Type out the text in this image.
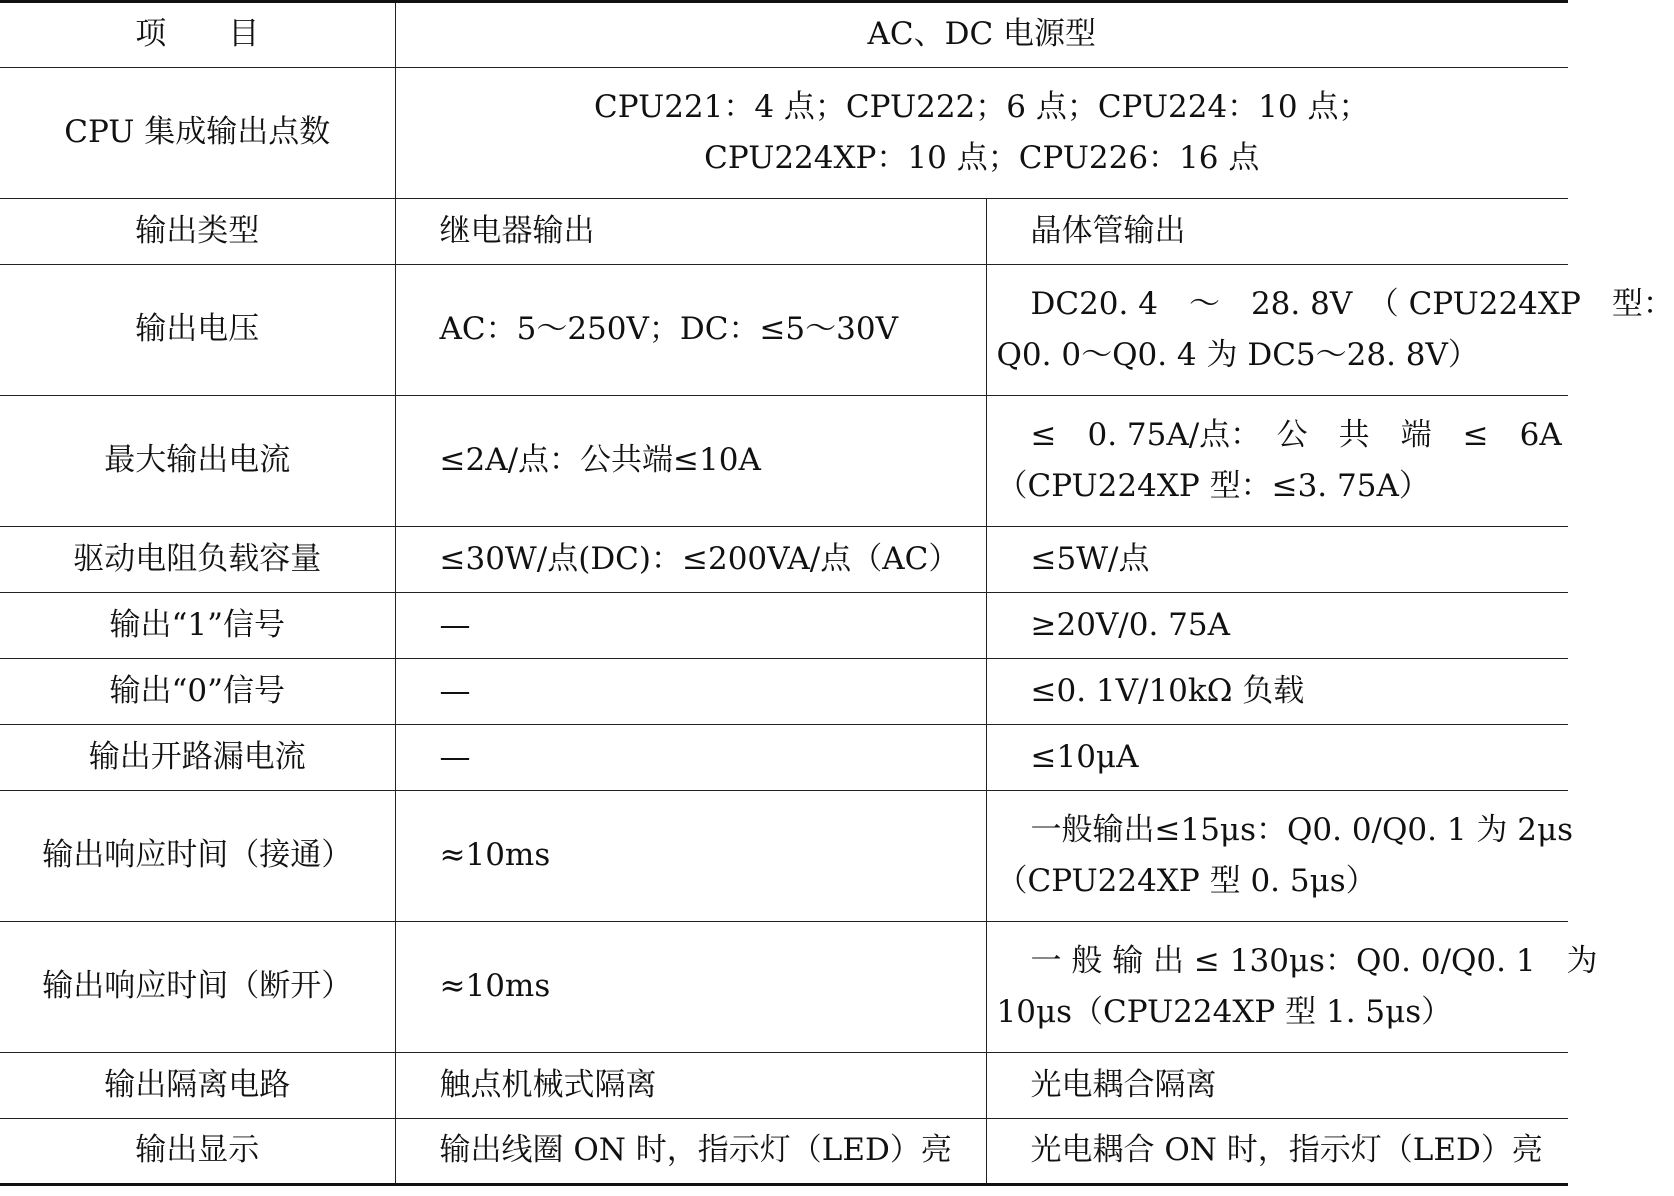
项　　目	AC、DC 电源型	
CPU 集成输出点数	CPU221：4 点；CPU222；6 点；CPU224：10 点；
CPU224XP：10 点；CPU226：16 点	

输出类型	继电器输出	晶体管输出
输出电压	AC：5～250V；DC：≤5～30V	DC20. 4　～　28. 8V　（ CPU224XP　型：
Q0. 0～Q0. 4 为 DC5～28. 8V）

最大输出电流	≤2A/点：公共端≤10A	≤　0. 75A/点：　公　共　端　≤　6A
（CPU224XP 型：≤3. 75A）

驱动电阻负载容量	≤30W/点(DC)：≤200VA/点（AC）	≤5W/点
输出“1”信号	—	≥20V/0. 75A
输出“0”信号	—	≤0. 1V/10kΩ 负载
输出开路漏电流	—	≤10μA
输出响应时间（接通）	≈10ms	一般输出≤15μs：Q0. 0/Q0. 1 为 2μs
（CPU224XP 型 0. 5μs）

输出响应时间（断开）	≈10ms	一 般 输 出 ≤ 130μs：Q0. 0/Q0. 1　为
10μs（CPU224XP 型 1. 5μs）

输出隔离电路	触点机械式隔离	光电耦合隔离
输出显示	输出线圈 ON 时，指示灯（LED）亮	光电耦合 ON 时，指示灯（LED）亮
